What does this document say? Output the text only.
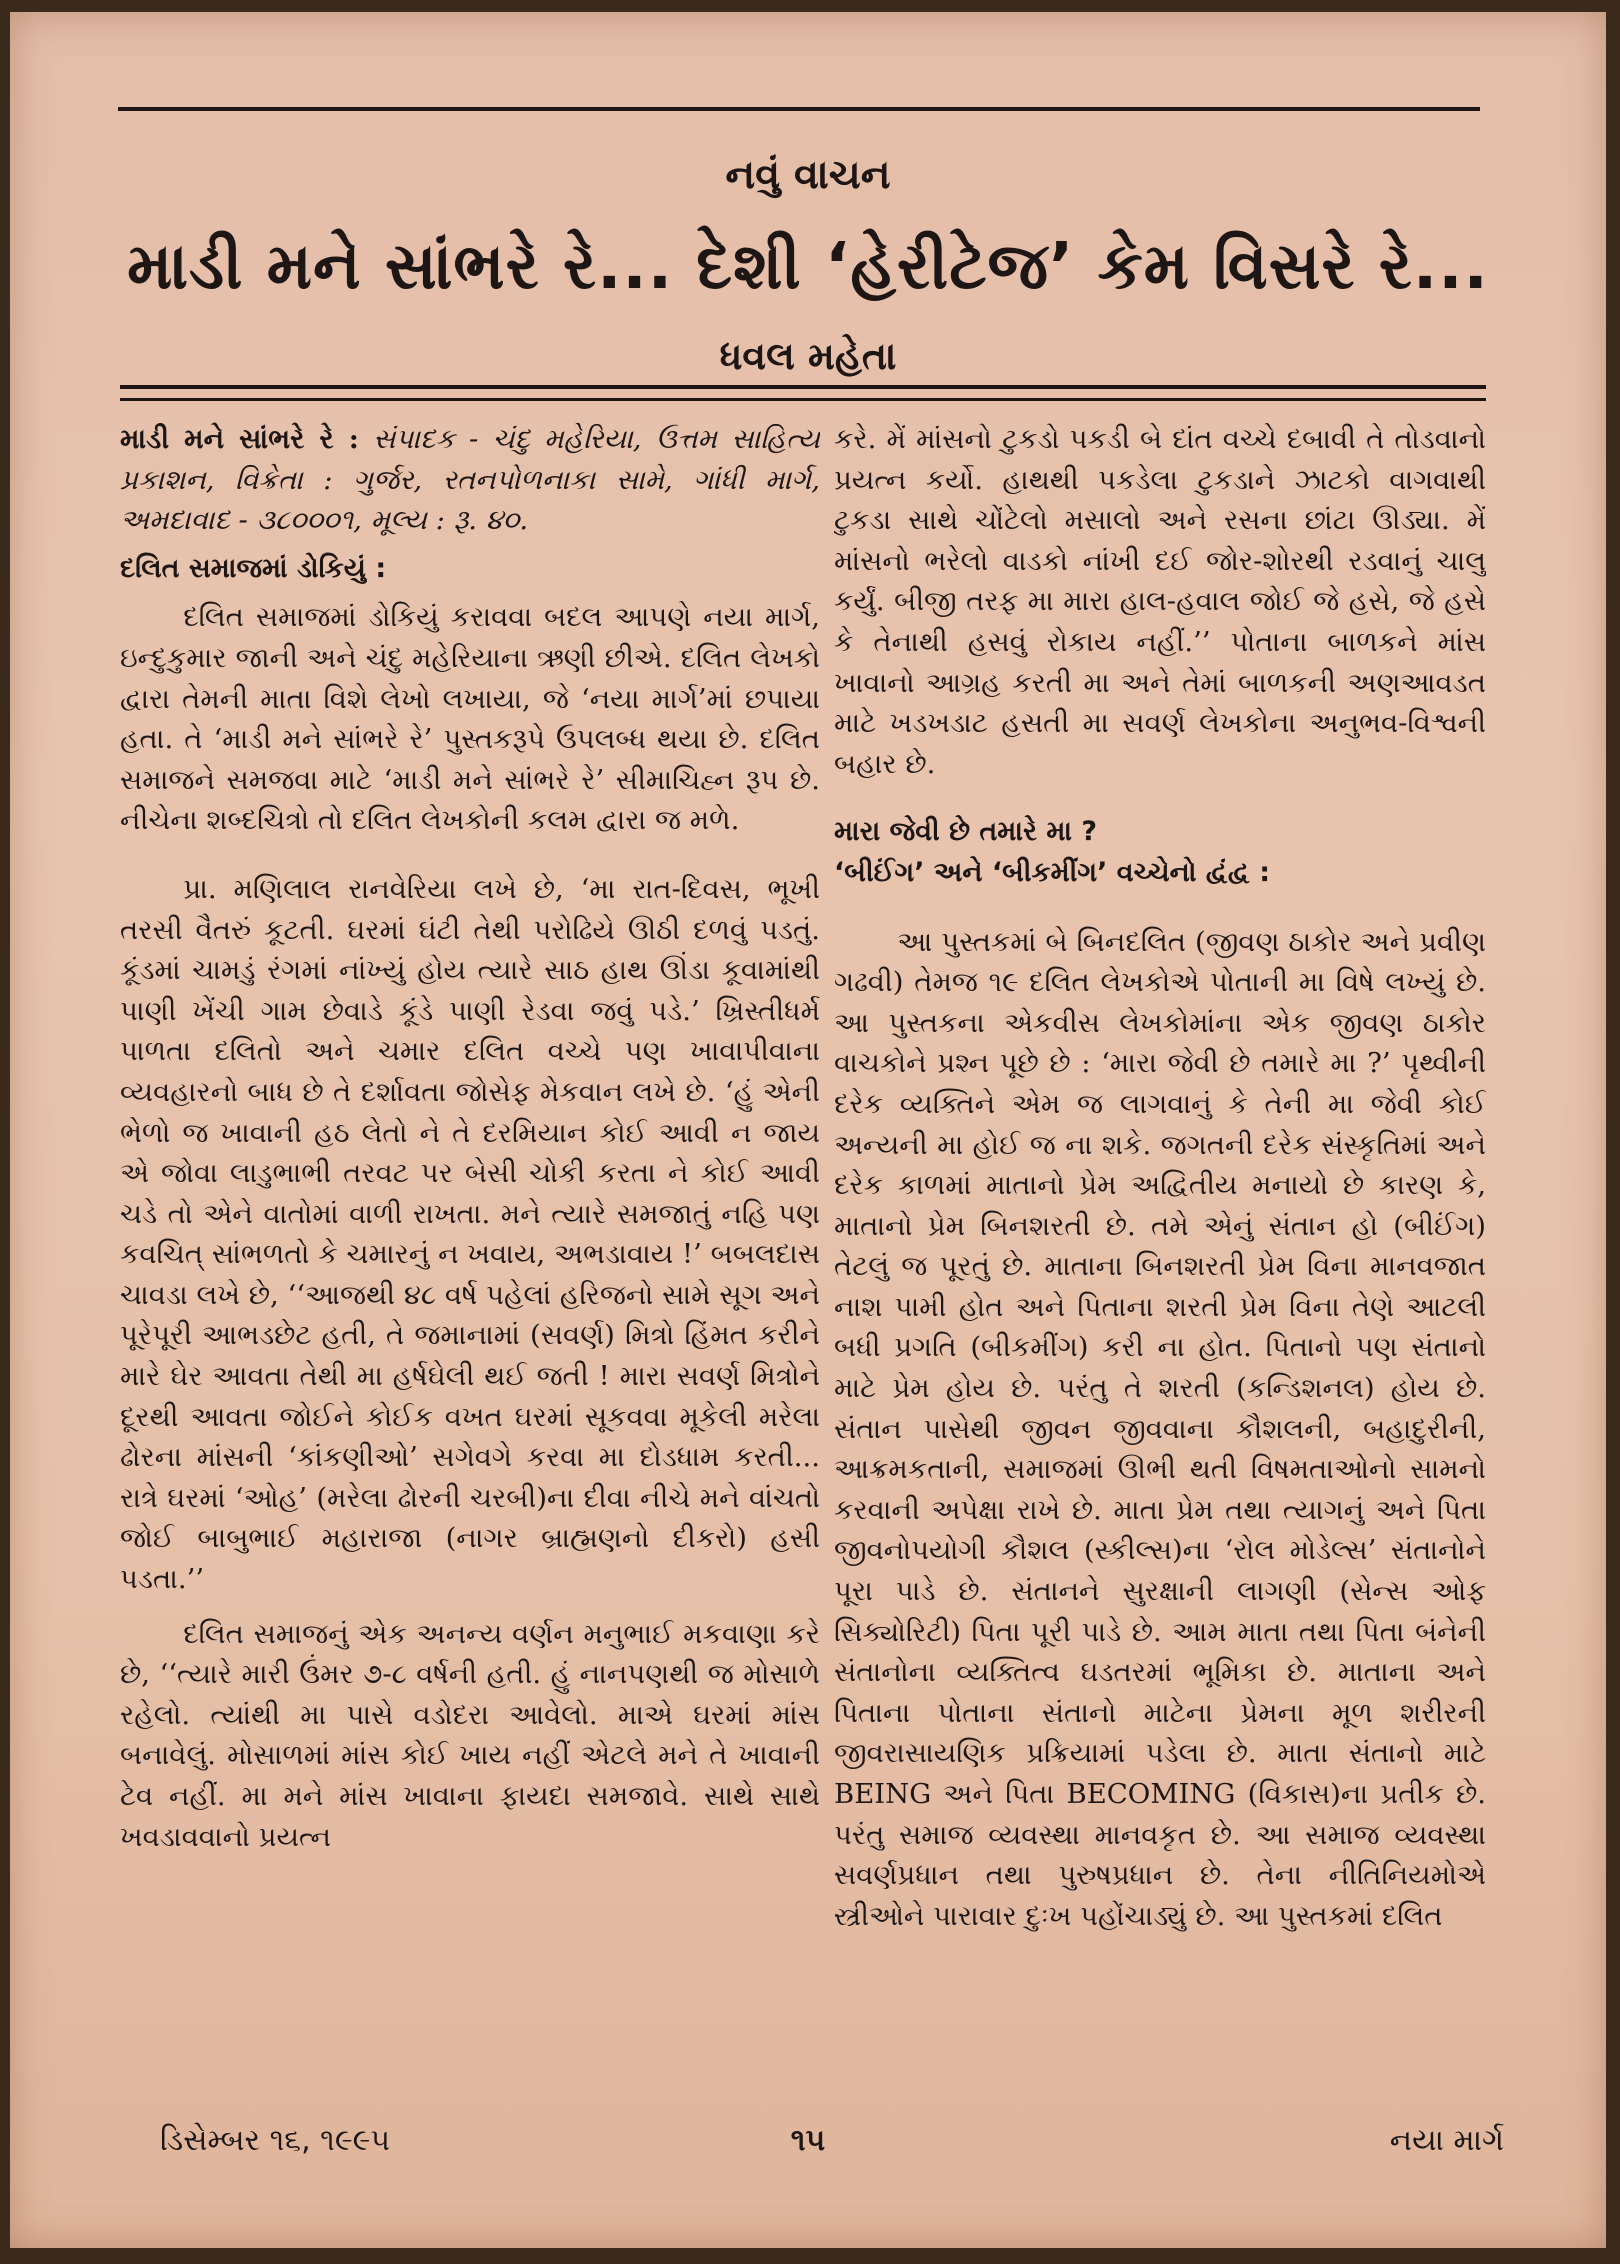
નવું વાચન
માડી મને સાંભરે રે... દેશી ‘હેરીટેજ’ કેમ વિસરે રે...
ધવલ મહેતા

માડી મને સાંભરે રે : સંપાદક - ચંદુ મહેરિયા, ઉત્તમ સાહિત્ય પ્રકાશન, વિક્રેતા : ગુર્જર, રતનપોળનાકા સામે, ગાંધી માર્ગ, અમદાવાદ - ૩૮૦૦૦૧, મૂલ્ય : રૂ. ૪૦.

દલિત સમાજમાં ડોકિયું :

દલિત સમાજમાં ડોકિયું કરાવવા બદલ આપણે નયા માર્ગ, ઇન્દુકુમાર જાની અને ચંદુ મહેરિયાના ઋણી છીએ. દલિત લેખકો દ્વારા તેમની માતા વિશે લેખો લખાયા, જે ‘નયા માર્ગ’માં છપાયા હતા. તે ‘માડી મને સાંભરે રે’ પુસ્તકરૂપે ઉપલબ્ધ થયા છે. દલિત સમાજને સમજવા માટે ‘માડી મને સાંભરે રે’ સીમાચિહ્ન રૂપ છે. નીચેના શબ્દચિત્રો તો દલિત લેખકોની કલમ દ્વારા જ મળે.

પ્રા. મણિલાલ રાનવેરિયા લખે છે, ‘મા રાત-દિવસ, ભૂખી તરસી વૈતરું કૂટતી. ઘરમાં ઘંટી તેથી પરોઢિયે ઊઠી દળવું પડતું. કૂંડમાં ચામડું રંગમાં નાંખ્યું હોય ત્યારે સાઠ હાથ ઊંડા કૂવામાંથી પાણી ખેંચી ગામ છેવાડે કૂંડે પાણી રેડવા જવું પડે.’ ખ્રિસ્તીધર્મ પાળતા દલિતો અને ચમાર દલિત વચ્ચે પણ ખાવાપીવાના વ્યવહારનો બાધ છે તે દર્શાવતા જોસેફ મેકવાન લખે છે. ‘હું એની ભેળો જ ખાવાની હઠ લેતો ને તે દરમિયાન કોઈ આવી ન જાય એ જોવા લાડુભાભી તરવટ પર બેસી ચોકી કરતા ને કોઈ આવી ચડે તો એને વાતોમાં વાળી રાખતા. મને ત્યારે સમજાતું નહિ પણ કવચિત્ સાંભળતો કે ચમારનું ન ખવાય, અભડાવાય !’ બબલદાસ ચાવડા લખે છે, ‘‘આજથી ૪૮ વર્ષ પહેલાં હરિજનો સામે સૂગ અને પૂરેપૂરી આભડછેટ હતી, તે જમાનામાં (સવર્ણ) મિત્રો હિંમત કરીને મારે ઘેર આવતા તેથી મા હર્ષઘેલી થઈ જતી ! મારા સવર્ણ મિત્રોને દૂરથી આવતા જોઈને કોઈક વખત ઘરમાં સૂકવવા મૂકેલી મરેલા ઢોરના માંસની ‘કાંકણીઓ’ સગેવગે કરવા મા દોડધામ કરતી... રાત્રે ઘરમાં ‘ઓહ’ (મરેલા ઢોરની ચરબી)ના દીવા નીચે મને વાંચતો જોઈ બાબુભાઈ મહારાજા (નાગર બ્રાહ્મણનો દીકરો) હસી પડતા.’’

દલિત સમાજનું એક અનન્ય વર્ણન મનુભાઈ મકવાણા કરે છે, ‘‘ત્યારે મારી ઉંમર ૭-૮ વર્ષની હતી. હું નાનપણથી જ મોસાળે રહેલો. ત્યાંથી મા પાસે વડોદરા આવેલો. માએ ઘરમાં માંસ બનાવેલું. મોસાળમાં માંસ કોઈ ખાય નહીં એટલે મને તે ખાવાની ટેવ નહીં. મા મને માંસ ખાવાના ફાયદા સમજાવે. સાથે સાથે ખવડાવવાનો પ્રયત્ન

કરે. મેં માંસનો ટુકડો પકડી બે દાંત વચ્ચે દબાવી તે તોડવાનો પ્રયત્ન કર્યો. હાથથી પકડેલા ટુકડાને ઝાટકો વાગવાથી ટુકડા સાથે ચોંટેલો મસાલો અને રસના છાંટા ઊડ્યા. મેં માંસનો ભરેલો વાડકો નાંખી દઈ જોર-શોરથી રડવાનું ચાલુ કર્યું. બીજી તરફ મા મારા હાલ-હવાલ જોઈ જે હસે, જે હસે કે તેનાથી હસવું રોકાય નહીં.’’ પોતાના બાળકને માંસ ખાવાનો આગ્રહ કરતી મા અને તેમાં બાળકની અણઆવડત માટે ખડખડાટ હસતી મા સવર્ણ લેખકોના અનુભવ-વિશ્વની બહાર છે.

મારા જેવી છે તમારે મા ?

‘બીઈંગ’ અને ‘બીકમીંગ’ વચ્ચેનો દ્વંદ્વ :

આ પુસ્તકમાં બે બિનદલિત (જીવણ ઠાકોર અને પ્રવીણ ગઢવી) તેમજ ૧૯ દલિત લેખકોએ પોતાની મા વિષે લખ્યું છે. આ પુસ્તકના એકવીસ લેખકોમાંના એક જીવણ ઠાકોર વાચકોને પ્રશ્ન પૂછે છે : ‘મારા જેવી છે તમારે મા ?’ પૃથ્વીની દરેક વ્યક્તિને એમ જ લાગવાનું કે તેની મા જેવી કોઈ અન્યની મા હોઈ જ ના શકે. જગતની દરેક સંસ્કૃતિમાં અને દરેક કાળમાં માતાનો પ્રેમ અદ્વિતીય મનાયો છે કારણ કે, માતાનો પ્રેમ બિનશરતી છે. તમે એનું સંતાન હો (બીઈંગ) તેટલું જ પૂરતું છે. માતાના બિનશરતી પ્રેમ વિના માનવજાત નાશ પામી હોત અને પિતાના શરતી પ્રેમ વિના તેણે આટલી બધી પ્રગતિ (બીકમીંગ) કરી ના હોત. પિતાનો પણ સંતાનો માટે પ્રેમ હોય છે. પરંતુ તે શરતી (કન્ડિશનલ) હોય છે. સંતાન પાસેથી જીવન જીવવાના કૌશલની, બહાદુરીની, આક્રમકતાની, સમાજમાં ઊભી થતી વિષમતાઓનો સામનો કરવાની અપેક્ષા રાખે છે. માતા પ્રેમ તથા ત્યાગનું અને પિતા જીવનોપયોગી કૌશલ (સ્કીલ્સ)ના ‘રોલ મોડેલ્સ’ સંતાનોને પૂરા પાડે છે. સંતાનને સુરક્ષાની લાગણી (સેન્સ ઓફ સિક્યોરિટી) પિતા પૂરી પાડે છે. આમ માતા તથા પિતા બંનેની સંતાનોના વ્યક્તિત્વ ઘડતરમાં ભૂમિકા છે. માતાના અને પિતાના પોતાના સંતાનો માટેના પ્રેમના મૂળ શરીરની જીવરાસાયણિક પ્રક્રિયામાં પડેલા છે. માતા સંતાનો માટે BEING અને પિતા BECOMING (વિકાસ)ના પ્રતીક છે. પરંતુ સમાજ વ્યવસ્થા માનવકૃત છે. આ સમાજ વ્યવસ્થા સવર્ણપ્રધાન તથા પુરુષપ્રધાન છે. તેના નીતિનિયમોએ સ્ત્રીઓને પારાવાર દુઃખ પહોંચાડ્યું છે. આ પુસ્તકમાં દલિત

ડિસેમ્બર ૧૬, ૧૯૯૫	૧૫	નયા માર્ગ
